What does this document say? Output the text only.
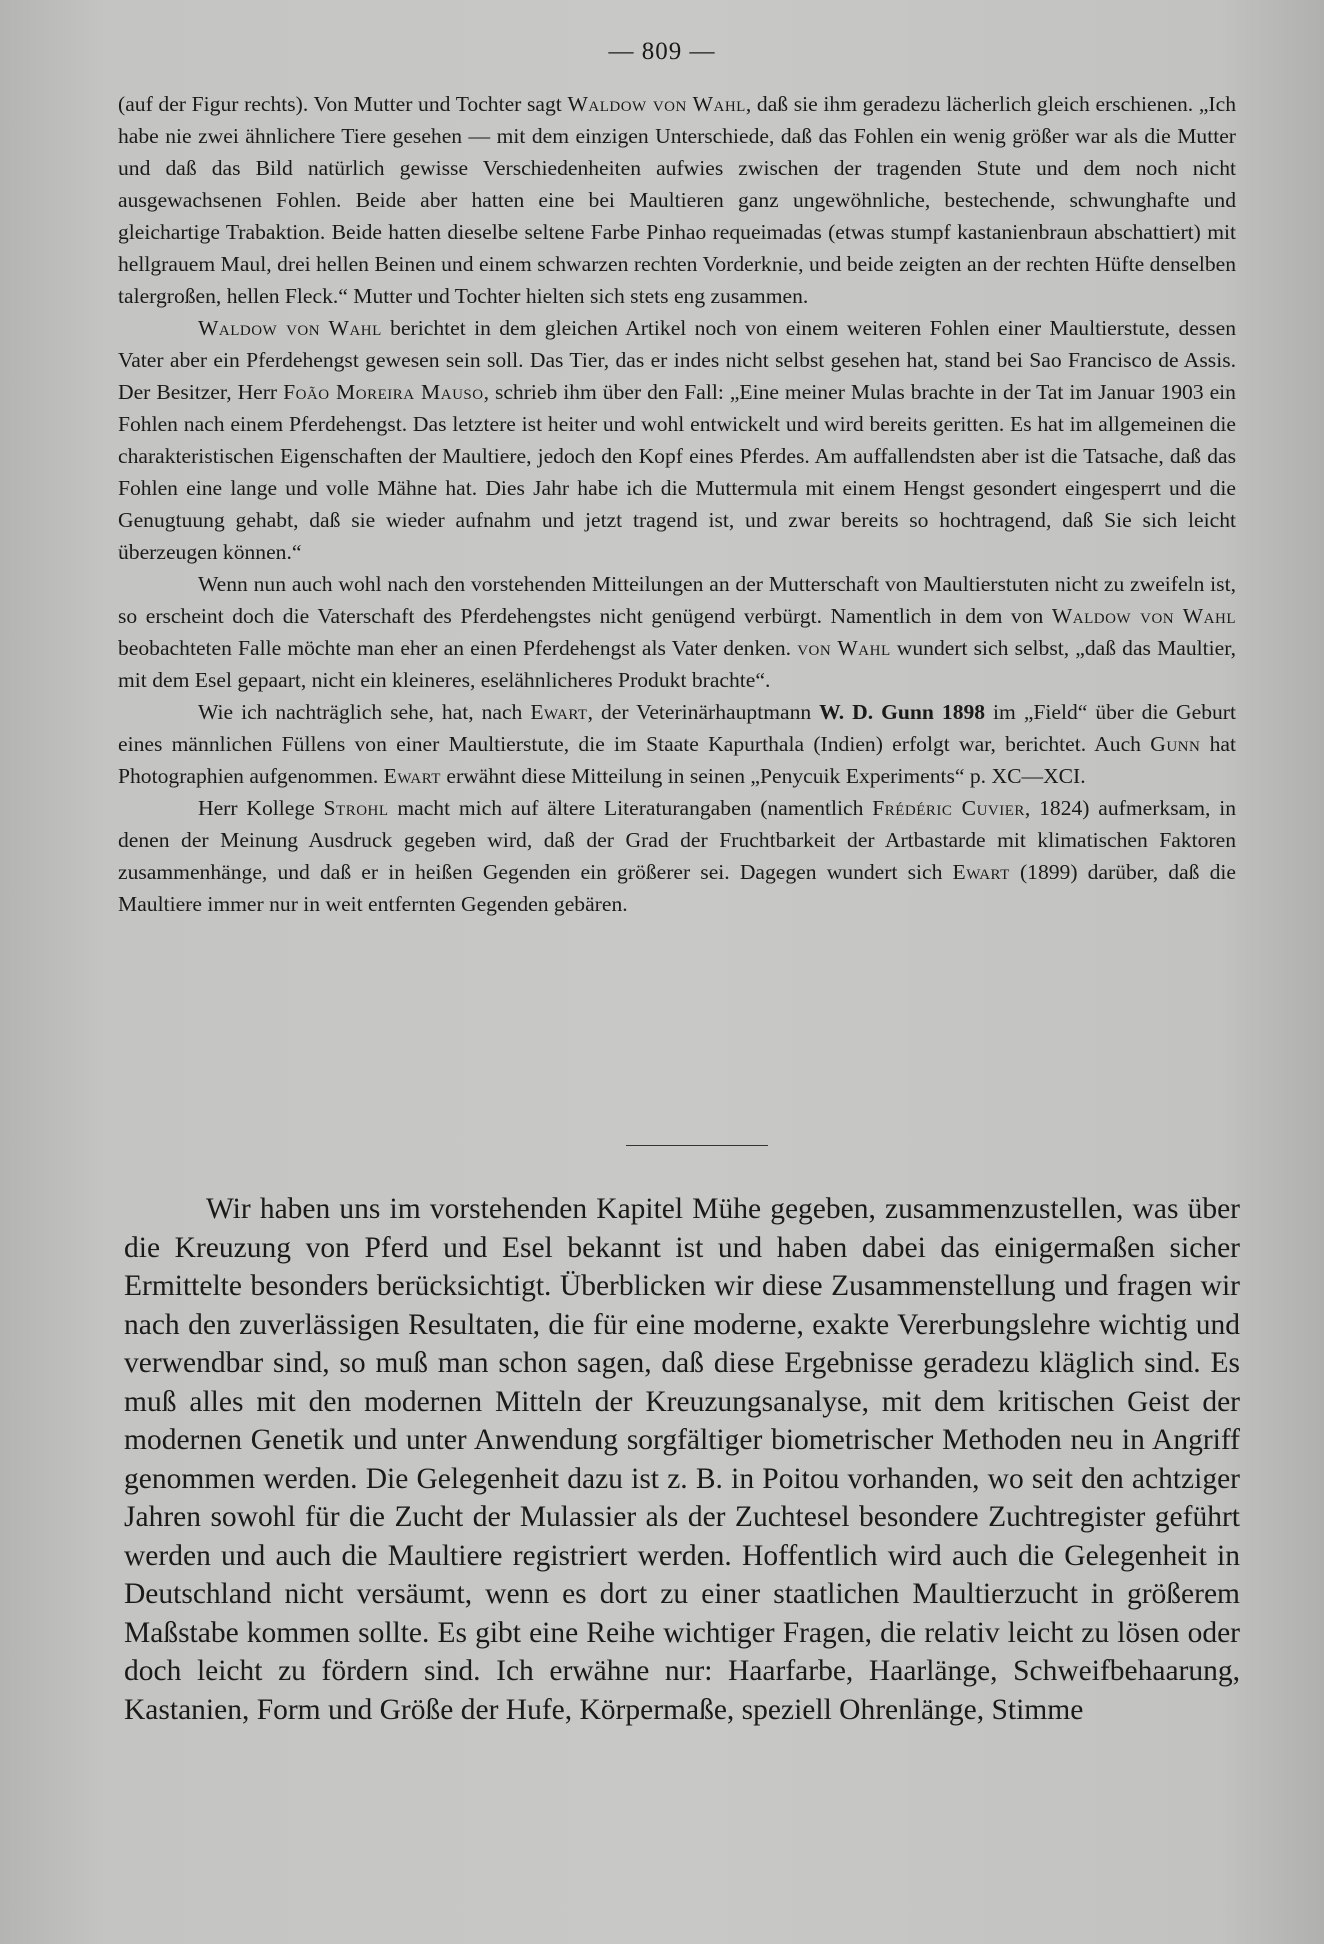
— 809 —

(auf der Figur rechts). Von Mutter und Tochter sagt Waldow von Wahl, daß sie ihm geradezu lächerlich gleich erschienen. „Ich habe nie zwei ähnlichere Tiere gesehen — mit dem einzigen Unterschiede, daß das Fohlen ein wenig größer war als die Mutter und daß das Bild natürlich gewisse Verschiedenheiten aufwies zwischen der tragenden Stute und dem noch nicht ausgewachsenen Fohlen. Beide aber hatten eine bei Maultieren ganz ungewöhnliche, bestechende, schwunghafte und gleichartige Trabaktion. Beide hatten dieselbe seltene Farbe Pinhao requeimadas (etwas stumpf kastanienbraun abschattiert) mit hellgrauem Maul, drei hellen Beinen und einem schwarzen rechten Vorderknie, und beide zeigten an der rechten Hüfte denselben talergroßen, hellen Fleck.“ Mutter und Tochter hielten sich stets eng zusammen.

Waldow von Wahl berichtet in dem gleichen Artikel noch von einem weiteren Fohlen einer Maultierstute, dessen Vater aber ein Pferdehengst gewesen sein soll. Das Tier, das er indes nicht selbst gesehen hat, stand bei Sao Francisco de Assis. Der Besitzer, Herr Foão Moreira Mauso, schrieb ihm über den Fall: „Eine meiner Mulas brachte in der Tat im Januar 1903 ein Fohlen nach einem Pferdehengst. Das letztere ist heiter und wohl entwickelt und wird bereits geritten. Es hat im allgemeinen die charakteristischen Eigenschaften der Maultiere, jedoch den Kopf eines Pferdes. Am auffallendsten aber ist die Tatsache, daß das Fohlen eine lange und volle Mähne hat. Dies Jahr habe ich die Muttermula mit einem Hengst gesondert eingesperrt und die Genugtuung gehabt, daß sie wieder aufnahm und jetzt tragend ist, und zwar bereits so hochtragend, daß Sie sich leicht überzeugen können.“

Wenn nun auch wohl nach den vorstehenden Mitteilungen an der Mutterschaft von Maultierstuten nicht zu zweifeln ist, so erscheint doch die Vaterschaft des Pferdehengstes nicht genügend verbürgt. Namentlich in dem von Waldow von Wahl beobachteten Falle möchte man eher an einen Pferdehengst als Vater denken. von Wahl wundert sich selbst, „daß das Maultier, mit dem Esel gepaart, nicht ein kleineres, eselähnlicheres Produkt brachte“.

Wie ich nachträglich sehe, hat, nach Ewart, der Veterinärhauptmann W. D. Gunn 1898 im „Field“ über die Geburt eines männlichen Füllens von einer Maultierstute, die im Staate Kapurthala (Indien) erfolgt war, berichtet. Auch Gunn hat Photographien aufgenommen. Ewart erwähnt diese Mitteilung in seinen „Penycuik Experiments“ p. XC—XCI.

Herr Kollege Strohl macht mich auf ältere Literaturangaben (namentlich Frédéric Cuvier, 1824) aufmerksam, in denen der Meinung Ausdruck gegeben wird, daß der Grad der Fruchtbarkeit der Artbastarde mit klimatischen Faktoren zusammenhänge, und daß er in heißen Gegenden ein größerer sei. Dagegen wundert sich Ewart (1899) darüber, daß die Maultiere immer nur in weit entfernten Gegenden gebären.

Wir haben uns im vorstehenden Kapitel Mühe gegeben, zusammenzustellen, was über die Kreuzung von Pferd und Esel bekannt ist und haben dabei das einigermaßen sicher Ermittelte besonders berücksichtigt. Überblicken wir diese Zusammenstellung und fragen wir nach den zuverlässigen Resultaten, die für eine moderne, exakte Vererbungslehre wichtig und verwendbar sind, so muß man schon sagen, daß diese Ergebnisse geradezu kläglich sind. Es muß alles mit den modernen Mitteln der Kreuzungsanalyse, mit dem kritischen Geist der modernen Genetik und unter Anwendung sorgfältiger biometrischer Methoden neu in Angriff genommen werden. Die Gelegenheit dazu ist z. B. in Poitou vorhanden, wo seit den achtziger Jahren sowohl für die Zucht der Mulassier als der Zuchtesel besondere Zuchtregister geführt werden und auch die Maultiere registriert werden. Hoffentlich wird auch die Gelegenheit in Deutschland nicht versäumt, wenn es dort zu einer staatlichen Maultierzucht in größerem Maßstabe kommen sollte. Es gibt eine Reihe wichtiger Fragen, die relativ leicht zu lösen oder doch leicht zu fördern sind. Ich erwähne nur: Haarfarbe, Haarlänge, Schweifbehaarung, Kastanien, Form und Größe der Hufe, Körpermaße, speziell Ohrenlänge, Stimme
